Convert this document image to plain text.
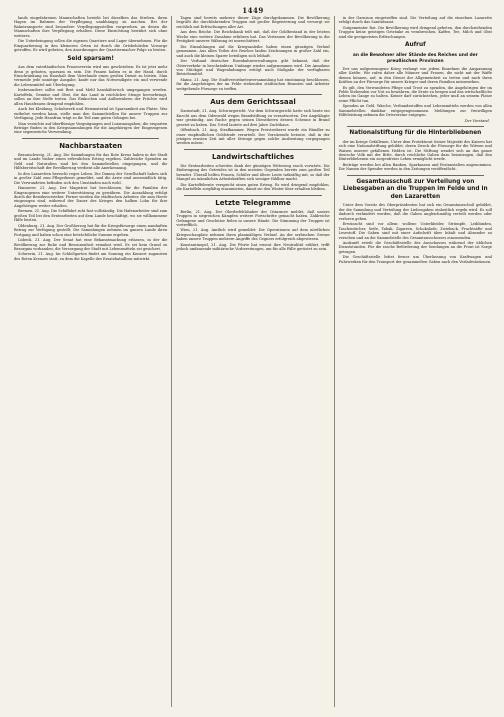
1449

lands eingefahrenen Mannschaften besteht bei dieselben das Streben, ihren Hagen im Rahmen der Verpflegung unabhängig zu machen. Bei der Bahntransporte sind besondere Verpflegungsstellen vorgesehen, an denen die Mannschaften ihre Verpflegung erhalten. Diese Einrichtung bewährt sich ohne weiteres.

Die Unterbringung sollen die eigenen Quartiere und Lager übernehmen. Für die Einquartierung in den kleineren Orten ist durch die Ortsbehörden Vorsorge getroffen. Es wird gebeten, den Anordnungen der Quartiermacher Folge zu leisten.

Seid sparsam!

Aus dem vaterländischen Frauenverein wird uns geschrieben: Es ist jetzt mehr denn je geboten, sparsam zu sein. Die Frauen haben es in der Hand, durch Einschränkung im Haushalt dem Vaterlande einen großen Dienst zu leisten. Man vermeide jede unnötige Ausgabe, kaufe nur das Notwendigste ein und verwende die Lebensmittel mit Überlegung.

Insbesondere sollte mit Brot und Mehl haushälterisch umgegangen werden. Kartoffeln, Gemüse und Obst, die das Land in reichlicher Menge hervorbringt, sollen an ihre Stelle treten. Das Einkochen und Aufbewahren der Früchte wird allen Hausfrauen dringend empfohlen.

Auch bei Kleidung, Schuhwerk und Heizmaterial ist Sparsamkeit am Platze. Was entbehrt werden kann, stelle man den Sammelstellen für unsere Truppen zur Verfügung. Jede Hausfrau trägt so ihr Teil zum guten Gelingen bei.

Man verzichte auf überflüssige Vergnügungen und Luxusausgaben; die ersparten Beträge finden in den Kriegssammlungen für die Angehörigen der Eingezogenen eine segensreiche Verwendung.

Nachbarstaaten

Braunschweig, 21. Aug. Die Sammlungen für das Rote Kreuz haben in der Stadt und im Lande bisher einen erfreulichen Ertrag ergeben. Zahlreiche Spenden an Geld und Naturalien sind bei den Sammelstellen eingegangen, und die Hilfsbereitschaft der Bevölkerung verdient alle Anerkennung.

In den Lazaretten herrscht reges Leben. Die Damen der Gesellschaft haben sich in großer Zahl zum Pflegedienst gemeldet, und die Ärzte sind unermüdlich tätig. Die Verwundeten befinden sich den Umständen nach wohl.

Hannover, 21. Aug. Der Magistrat hat beschlossen, für die Familien der Eingezogenen eine weitere Unterstützung zu gewähren. Die Auszahlung erfolgt durch die Bezirksvorsteher. Ferner werden die städtischen Arbeiter, die zum Heere eingezogen sind, während der Dauer des Krieges den halben Lohn für ihre Angehörigen weiter erhalten.

Bremen, 21. Aug. Die Schiffahrt ruht fast vollständig. Die Hafenarbeiter sind zum großen Teil bei den Erntearbeiten auf dem Lande beschäftigt, wo sie willkommene Hilfe leisten.

Oldenburg, 21. Aug. Der Großherzog hat für die Kriegsfürsorge einen namhaften Betrag zur Verfügung gestellt. Die Sammlungen nehmen im ganzen Lande ihren Fortgang und haben schon eine beträchtliche Summe ergeben.

Lübeck, 21. Aug. Der Senat hat eine Bekanntmachung erlassen, in der die Bevölkerung zur Ruhe und Besonnenheit ermahnt wird. Es sei kein Grund zu Besorgnis vorhanden; die Versorgung der Stadt mit Lebensmitteln sei gesichert.

Schwerin, 21. Aug. Im Schloßgarten findet am Sonntag ein Konzert zugunsten des Roten Kreuzes statt, zu dem die Kapelle des Ersatzbataillons mitwirkt.

Tagen sind bereits mehrere dieser Züge durchgekommen. Die Bevölkerung begrüßt die durchfahrenden Truppen mit großer Begeisterung und versorgt sie reichlich mit Erfrischungen aller Art.

Aus dem Reiche. Die Reichsbank teilt mit, daß der Goldbestand in der letzten Woche eine weitere Zunahme erfahren hat. Das Vertrauen der Bevölkerung in die Festigkeit unserer Währung ist unerschüttert.

Die Einzahlungen auf die Kriegsanleihe haben einen günstigen Verlauf genommen. Aus allen Teilen des Reiches laufen Zeichnungen in großer Zahl ein, und auch die kleinen Sparer beteiligen sich lebhaft.

Der Verband deutscher Eisenbahnverwaltungen gibt bekannt, daß der Güterverkehr in beschränktem Umfange wieder aufgenommen wird. Die Annahme von Stückgut und Wagenladungen erfolgt nach Maßgabe der verfügbaren Betriebsmittel.

Mainz, 21. Aug. Die Stadtverordnetenversammlung hat einstimmig beschlossen, für die Angehörigen der im Felde stehenden städtischen Beamten und Arbeiter weitgehende Fürsorge zu treffen.

Aus dem Gerichtssaal

Darmstadt, 21. Aug. Schwurgericht. Vor dem Schwurgericht hatte sich heute ein Knecht aus dem Odenwald wegen Brandstiftung zu verantworten. Der Angeklagte war geständig, aus Rache gegen seinen Dienstherrn dessen Scheune in Brand gesetzt zu haben. Das Urteil lautete auf drei Jahre Zuchthaus.

Offenbach, 21. Aug. Strafkammer. Wegen Preistreiberei wurde ein Händler zu einer empfindlichen Geldstrafe verurteilt. Der Vorsitzende betonte, daß in der jetzigen ernsten Zeit mit aller Strenge gegen solche Ausbeutung vorgegangen werden müsse.

Landwirtschaftliches

Die Erntearbeiten schreiten dank der günstigen Witterung rasch vorwärts. Die Einbringung des Getreides ist in den meisten Gegenden bereits zum großen Teil beendet. Überall helfen Frauen, Schüler und ältere Leute tatkräftig mit, so daß der Mangel an männlichen Arbeitskräften sich weniger fühlbar macht.

Die Kartoffelernte verspricht einen guten Ertrag. Es wird dringend empfohlen, die Kartoffeln sorgfältig einzumieten, damit sie den Winter über erhalten bleiben.

Letzte Telegramme

Berlin, 21. Aug. Der Oberbefehlshaber der Ostarmee meldet, daß unsere Truppen in siegreichen Kämpfen weitere Fortschritte gemacht haben. Zahlreiche Gefangene und Geschütze fielen in unsere Hände. Die Stimmung der Truppen ist vortrefflich.

Wien, 21. Aug. Amtlich wird gemeldet: Die Operationen auf dem nördlichen Kriegsschauplatz nehmen ihren planmäßigen Verlauf. An der serbischen Grenze haben unsere Truppen mehrere Angriffe des Gegners erfolgreich abgewiesen.

Konstantinopel, 21. Aug. Die Pforte hat erneut ihre Neutralität erklärt, trifft jedoch umfassende militärische Vorbereitungen, um für alle Fälle gerüstet zu sein.

in der Garnison eingetroffen sind. Die Verteilung auf die einzelnen Lazarette erfolgt durch das Sanitätsamt.

Gutgemeinter Rat. Die Bevölkerung wird dringend gebeten, den durchziehenden Truppen keine geistigen Getränke zu verabreichen. Kaffee, Tee, Milch und Obst sind die geeignetsten Erfrischungen.

Aufruf
an die Bewohner aller Stände des Reiches und der preußischen Provinzen

Der uns aufgezwungene Krieg verlangt von jedem Einzelnen die Anspannung aller Kräfte. Wir rufen daher alle Männer und Frauen, die nicht mit der Waffe dienen können, auf, in den Dienst der Allgemeinheit zu treten und nach ihren Kräften an der Fürsorge für unsere Krieger und deren Familien mitzuwirken.

Es gilt, den Verwundeten Pflege und Trost zu spenden, die Angehörigen der im Felde Stehenden vor Not zu bewahren, die Ernte zu bergen und das wirtschaftliche Leben im Gange zu halten. Keiner darf zurückstehen, jeder muß an seinem Platze seine Pflicht tun.

Spenden an Geld, Wäsche, Verbandsstoffen und Lebensmitteln werden von allen Sammelstellen dankbar entgegengenommen. Meldungen zur freiwilligen Hilfeleistung nehmen die Ortsvereine entgegen.

Der Vorstand.
Nationalstiftung für die Hinterbliebenen

der im Kriege Gefallenen. Unter dem Protektorat Seiner Majestät des Kaisers hat sich eine Nationalstiftung gebildet, deren Zweck die Fürsorge für die Witwen und Waisen unserer gefallenen Helden ist. Die Stiftung wendet sich an das ganze deutsche Volk mit der Bitte, durch reichliche Gaben dazu beizutragen, daß den Hinterbliebenen ein sorgenfreies Leben ermöglicht werde.

Beiträge werden bei allen Banken, Sparkassen und Postanstalten angenommen. Die Namen der Spender werden in den Zeitungen veröffentlicht.

Gesamtausschuß zur Verteilung von Liebesgaben an die Truppen im Felde und in den Lazaretten

Unter dem Vorsitz des Oberpräsidenten hat sich ein Gesamtausschuß gebildet, der die Sammlung und Verteilung der Liebesgaben einheitlich regeln wird. Es soll dadurch verhindert werden, daß die Gaben ungleichmäßig verteilt werden oder verloren gehen.

Erwünscht sind vor allem: wollene Unterkleider, Strümpfe, Leibbinden, Taschentücher, Seife, Tabak, Zigarren, Schokolade, Zwieback, Fruchtsäfte und Lesestoff. Die Gaben sind mit einer Aufschrift über Inhalt und Absender zu versehen und an die Sammelstelle des Gesamtausschusses einzusenden.

Auskunft erteilt die Geschäftsstelle des Ausschusses während der üblichen Dienststunden. Für die rasche Beförderung der Sendungen an die Front ist Sorge getragen.

Die Geschäftsstelle bittet ferner um Überlassung von Kraftwagen und Fuhrwerken für den Transport der gesammelten Gaben nach den Verladestationen.
